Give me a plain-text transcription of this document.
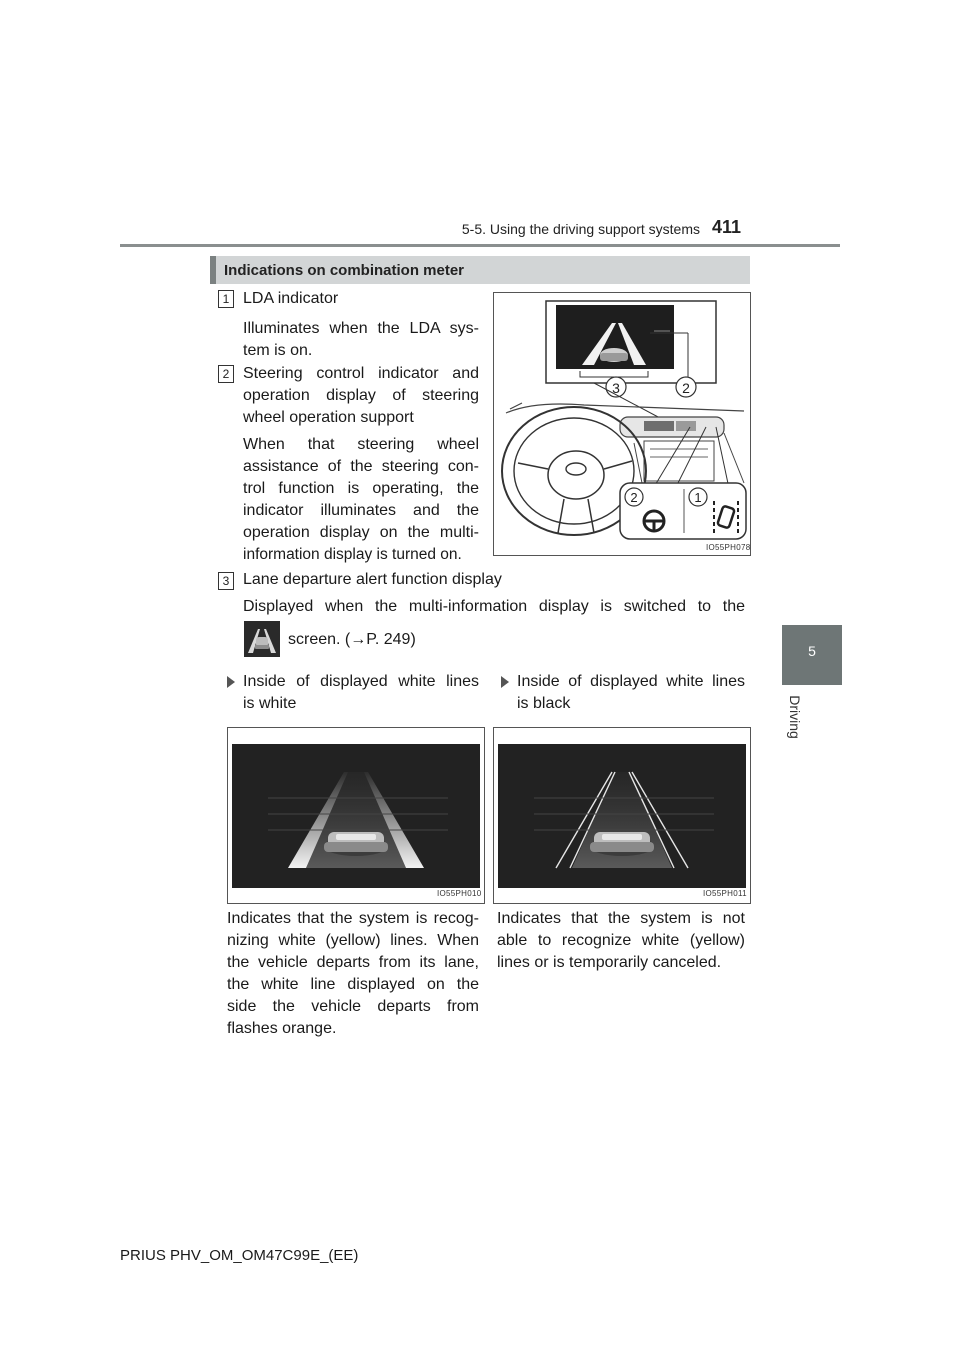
5-5. Using the driving support systems 411
5
Driving
Indications on combination meter
1 LDA indicator
Illuminates when the LDA sys-
tem is on.
2 Steering control indicator and
operation display of steering
wheel operation support
When that steering wheel
assistance of the steering con-
trol function is operating, the
indicator illuminates and the
operation display on the multi-
information display is turned on.
3	2
2	1
IO55PH078
3 Lane departure alert function display
Displayed when the multi-information display is switched to the
screen. (→P. 249)
Inside of displayed white lines
is white
Inside of displayed white lines
is black
IO55PH010	IO55PH011
Indicates that the system is recog-
nizing white (yellow) lines. When
the vehicle departs from its lane,
the white line displayed on the
side the vehicle departs from
flashes orange.
Indicates that the system is not
able to recognize white (yellow)
lines or is temporarily canceled.
PRIUS PHV_OM_OM47C99E_(EE)
